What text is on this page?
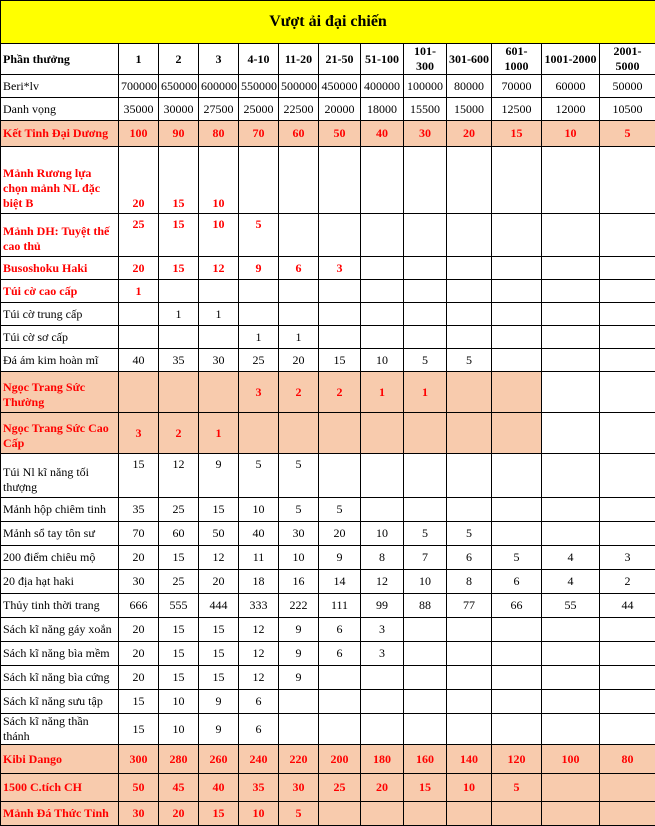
Vượt ải đại chiến												
Phần thưởng	1	2	3	4-10	11-20	21-50	51-100	101-300	301-600	601-1000	1001-2000	2001-5000
Beri*lv	700000	650000	600000	550000	500000	450000	400000	100000	80000	70000	60000	50000
Danh vọng	35000	30000	27500	25000	22500	20000	18000	15500	15000	12500	12000	10500
Kết Tinh Đại Dương	100	90	80	70	60	50	40	30	20	15	10	5
Mảnh Rương lựa chọn mảnh NL đặc biệt B	20	15	10									
Mảnh DH: Tuyệt thế cao thủ	25	15	10	5								
Busoshoku Haki	20	15	12	9	6	3						
Túi cờ cao cấp	1											
Túi cờ trung cấp		1	1									
Túi cờ sơ cấp				1	1							
Đá ám kim hoàn mĩ	40	35	30	25	20	15	10	5	5			
Ngọc Trang Sức Thường				3	2	2	1	1				
Ngọc Trang Sức Cao Cấp	3	2	1									
Túi Nl kĩ năng tối thượng	15	12	9	5	5							
Mảnh hộp chiêm tinh	35	25	15	10	5	5						
Mảnh sổ tay tôn sư	70	60	50	40	30	20	10	5	5			
200 điểm chiêu mộ	20	15	12	11	10	9	8	7	6	5	4	3
20 địa hạt haki	30	25	20	18	16	14	12	10	8	6	4	2
Thủy tinh thời trang	666	555	444	333	222	111	99	88	77	66	55	44
Sách kĩ năng gáy xoắn	20	15	15	12	9	6	3					
Sách kĩ năng bìa mềm	20	15	15	12	9	6	3					
Sách kĩ năng bìa cứng	20	15	15	12	9							
Sách kĩ năng sưu tập	15	10	9	6								
Sách kĩ năng thần thánh	15	10	9	6								
Kibi Dango	300	280	260	240	220	200	180	160	140	120	100	80
1500 C.tích CH	50	45	40	35	30	25	20	15	10	5		
Mảnh Đá Thức Tỉnh	30	20	15	10	5							
